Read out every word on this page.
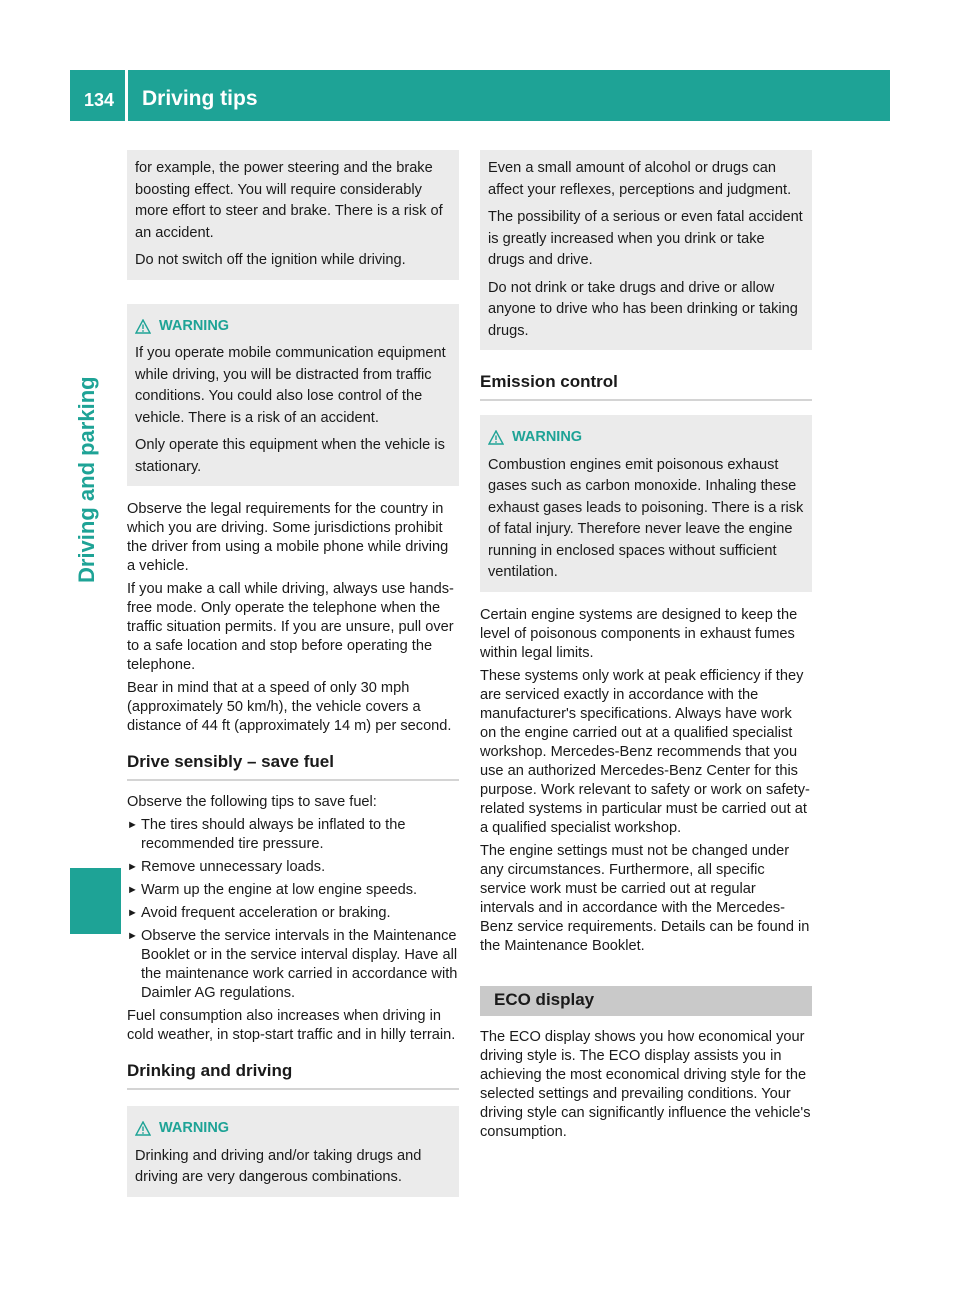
134 Driving tips
Driving and parking

for example, the power steering and the brake boosting effect. You will require considerably more effort to steer and brake. There is a risk of an accident.

Do not switch off the ignition while driving.

WARNING

If you operate mobile communication equipment while driving, you will be distracted from traffic conditions. You could also lose control of the vehicle. There is a risk of an accident.

Only operate this equipment when the vehicle is stationary.

Observe the legal requirements for the country in which you are driving. Some jurisdictions prohibit the driver from using a mobile phone while driving a vehicle.

If you make a call while driving, always use hands-free mode. Only operate the telephone when the traffic situation permits. If you are unsure, pull over to a safe location and stop before operating the telephone.

Bear in mind that at a speed of only 30 mph (approximately 50 km/h), the vehicle covers a distance of 44 ft (approximately 14 m) per second.

Drive sensibly – save fuel

Observe the following tips to save fuel:

► The tires should always be inflated to the recommended tire pressure.
► Remove unnecessary loads.
► Warm up the engine at low engine speeds.
► Avoid frequent acceleration or braking.
► Observe the service intervals in the Maintenance Booklet or in the service interval display. Have all the maintenance work carried in accordance with Daimler AG regulations.

Fuel consumption also increases when driving in cold weather, in stop-start traffic and in hilly terrain.

Drinking and driving
WARNING

Drinking and driving and/or taking drugs and driving are very dangerous combinations.

Even a small amount of alcohol or drugs can affect your reflexes, perceptions and judgment.

The possibility of a serious or even fatal accident is greatly increased when you drink or take drugs and drive.

Do not drink or take drugs and drive or allow anyone to drive who has been drinking or taking drugs.

Emission control
WARNING

Combustion engines emit poisonous exhaust gases such as carbon monoxide. Inhaling these exhaust gases leads to poisoning. There is a risk of fatal injury. Therefore never leave the engine running in enclosed spaces without sufficient ventilation.

Certain engine systems are designed to keep the level of poisonous components in exhaust fumes within legal limits.

These systems only work at peak efficiency if they are serviced exactly in accordance with the manufacturer's specifications. Always have work on the engine carried out at a qualified specialist workshop. Mercedes-Benz recommends that you use an authorized Mercedes-Benz Center for this purpose. Work relevant to safety or work on safety-related systems in particular must be carried out at a qualified specialist workshop.

The engine settings must not be changed under any circumstances. Furthermore, all specific service work must be carried out at regular intervals and in accordance with the Mercedes-Benz service requirements. Details can be found in the Maintenance Booklet.

ECO display

The ECO display shows you how economical your driving style is. The ECO display assists you in achieving the most economical driving style for the selected settings and prevailing conditions. Your driving style can significantly influence the vehicle's consumption.
